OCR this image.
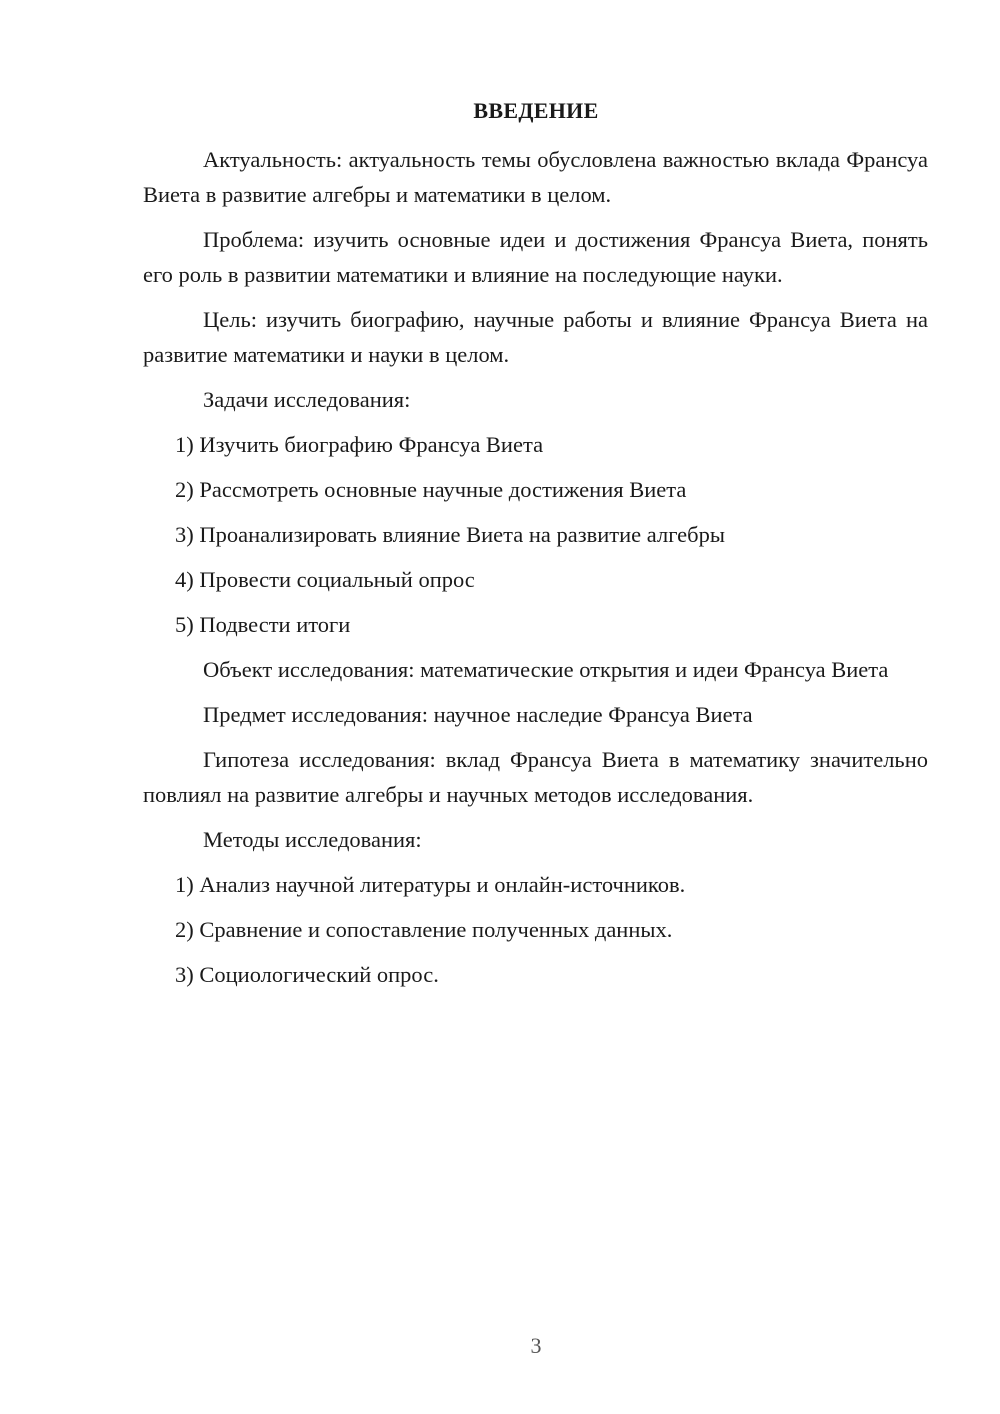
ВВЕДЕНИЕ

Актуальность: актуальность темы обусловлена важностью вклада Франсуа Виета в развитие алгебры и математики в целом.

Проблема: изучить основные идеи и достижения Франсуа Виета, понять его роль в развитии математики и влияние на последующие науки.

Цель: изучить биографию, научные работы и влияние Франсуа Виета на развитие математики и науки в целом.

Задачи исследования:
1) Изучить биографию Франсуа Виета
2) Рассмотреть основные научные достижения Виета
3) Проанализировать влияние Виета на развитие алгебры
4) Провести социальный опрос
5) Подвести итоги

Объект исследования: математические открытия и идеи Франсуа Виета

Предмет исследования: научное наследие Франсуа Виета

Гипотеза исследования: вклад Франсуа Виета в математику значительно повлиял на развитие алгебры и научных методов исследования.

Методы исследования:
1) Анализ научной литературы и онлайн-источников.
2) Сравнение и сопоставление полученных данных.
3) Социологический опрос.
3
